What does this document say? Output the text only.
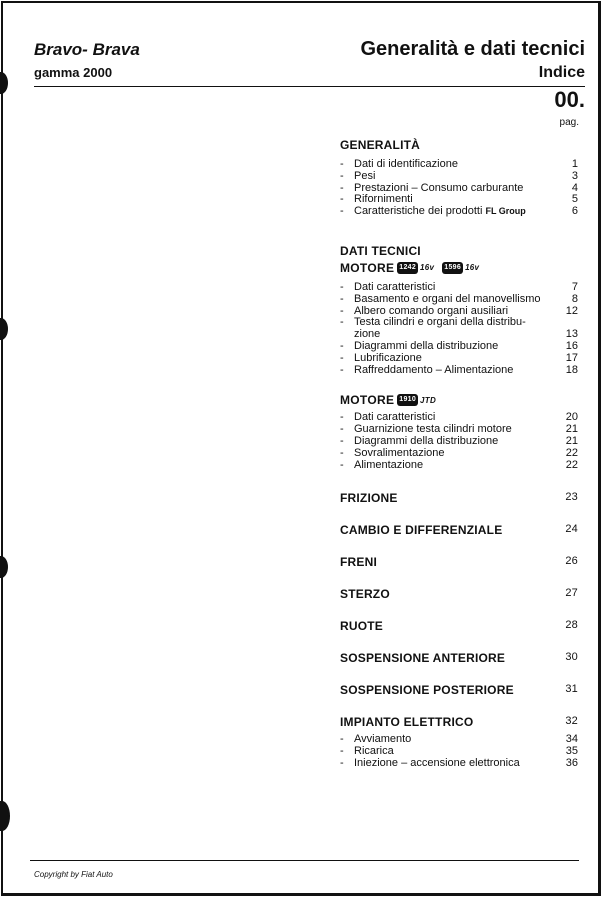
Bravo- Brava
gamma 2000
Generalità e dati tecnici
Indice
00.
pag.
GENERALITÀ
- Dati di identificazione	1
- Pesi	3
- Prestazioni – Consumo carburante	4
- Rifornimenti	5
- Caratteristiche dei prodotti FL Group	6
DATI TECNICI
MOTORE 1242 16v 1596 16v
- Dati caratteristici	7
- Basamento e organi del manovellismo	8
- Albero comando organi ausiliari	12
- Testa cilindri e organi della distribu-
zione	13
- Diagrammi della distribuzione	16
- Lubrificazione	17
- Raffreddamento – Alimentazione	18
MOTORE 1910 JTD
- Dati caratteristici	20
- Guarnizione testa cilindri motore	21
- Diagrammi della distribuzione	21
- Sovralimentazione	22
- Alimentazione	22
FRIZIONE	23
CAMBIO E DIFFERENZIALE	24
FRENI	26
STERZO	27
RUOTE	28
SOSPENSIONE ANTERIORE	30
SOSPENSIONE POSTERIORE	31
IMPIANTO ELETTRICO	32
- Avviamento	34
- Ricarica	35
- Iniezione – accensione elettronica	36
Copyright by Fiat Auto
